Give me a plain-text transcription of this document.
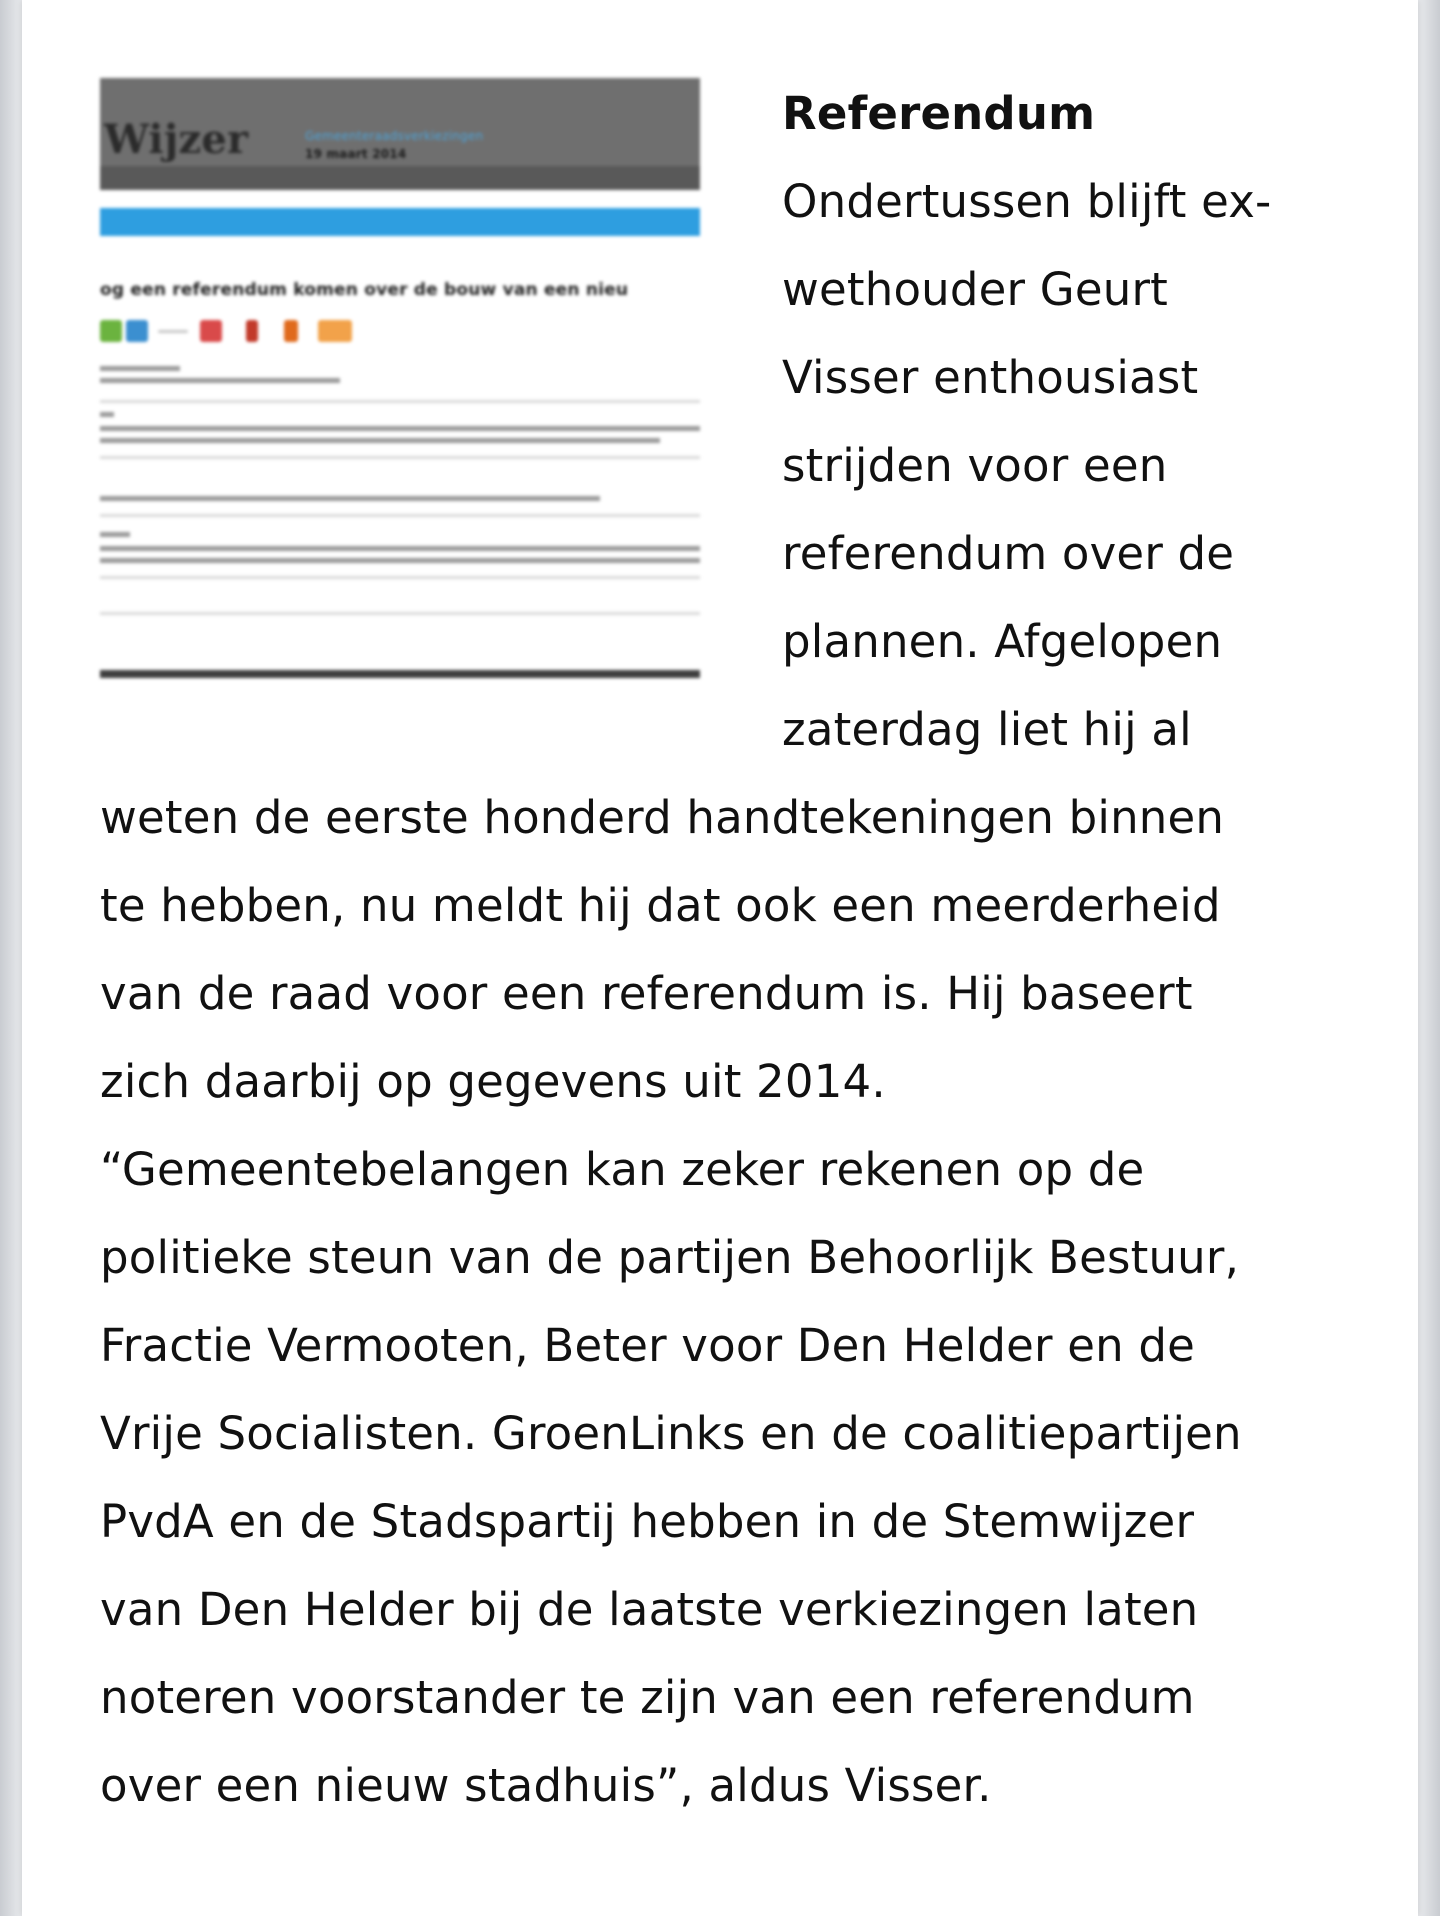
Wijzer	Gemeenteraadsverkiezingen
19 maart 2014
og een referendum komen over de bouw van een nieu
Referendum
Ondertussen blijft ex-
wethouder Geurt
Visser enthousiast
strijden voor een
referendum over de
plannen. Afgelopen
zaterdag liet hij al
weten de eerste honderd handtekeningen binnen
te hebben, nu meldt hij dat ook een meerderheid
van de raad voor een referendum is. Hij baseert
zich daarbij op gegevens uit 2014.
“Gemeentebelangen kan zeker rekenen op de
politieke steun van de partijen Behoorlijk Bestuur,
Fractie Vermooten, Beter voor Den Helder en de
Vrije Socialisten. GroenLinks en de coalitiepartijen
PvdA en de Stadspartij hebben in de Stemwijzer
van Den Helder bij de laatste verkiezingen laten
noteren voorstander te zijn van een referendum
over een nieuw stadhuis”, aldus Visser.
